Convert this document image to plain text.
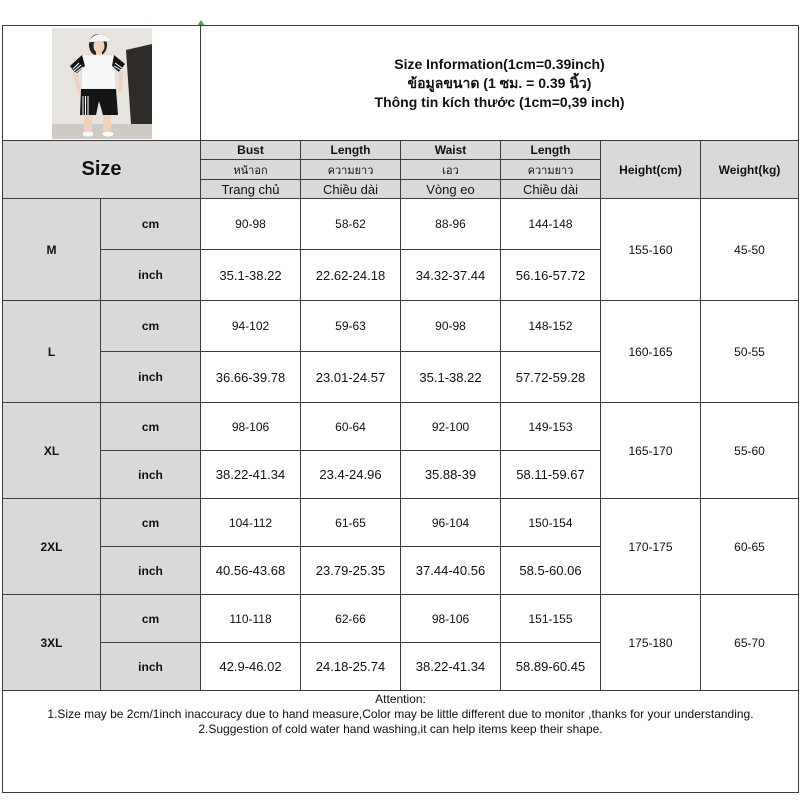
Size Information(1cm=0.39inch)
ข้อมูลขนาด (1 ซม. = 0.39 นิ้ว)
Thông tin kích thước (1cm=0,39 inch)					

Size		Bust	Length	Waist	Length	Height(cm)	Weight(kg)
		หน้าอก	ความยาว	เอว	ความยาว		
		Trang chủ	Chiều dài	Vòng eo	Chiều dài		
M	cm	90-98	58-62	88-96	144-148	155-160	45-50
	inch	35.1-38.22	22.62-24.18	34.32-37.44	56.16-57.72		
L	cm	94-102	59-63	90-98	148-152	160-165	50-55
	inch	36.66-39.78	23.01-24.57	35.1-38.22	57.72-59.28		
XL	cm	98-106	60-64	92-100	149-153	165-170	55-60
	inch	38.22-41.34	23.4-24.96	35.88-39	58.11-59.67		
2XL	cm	104-112	61-65	96-104	150-154	170-175	60-65
	inch	40.56-43.68	23.79-25.35	37.44-40.56	58.5-60.06		
3XL	cm	110-118	62-66	98-106	151-155	175-180	65-70
	inch	42.9-46.02	24.18-25.74	38.22-41.34	58.89-60.45		

Attention:
1.Size may be 2cm/1inch inaccuracy due to hand measure,Color may be little different due to monitor ,thanks for your understanding.
2.Suggestion of cold water hand washing,it can help items keep their shape.							
